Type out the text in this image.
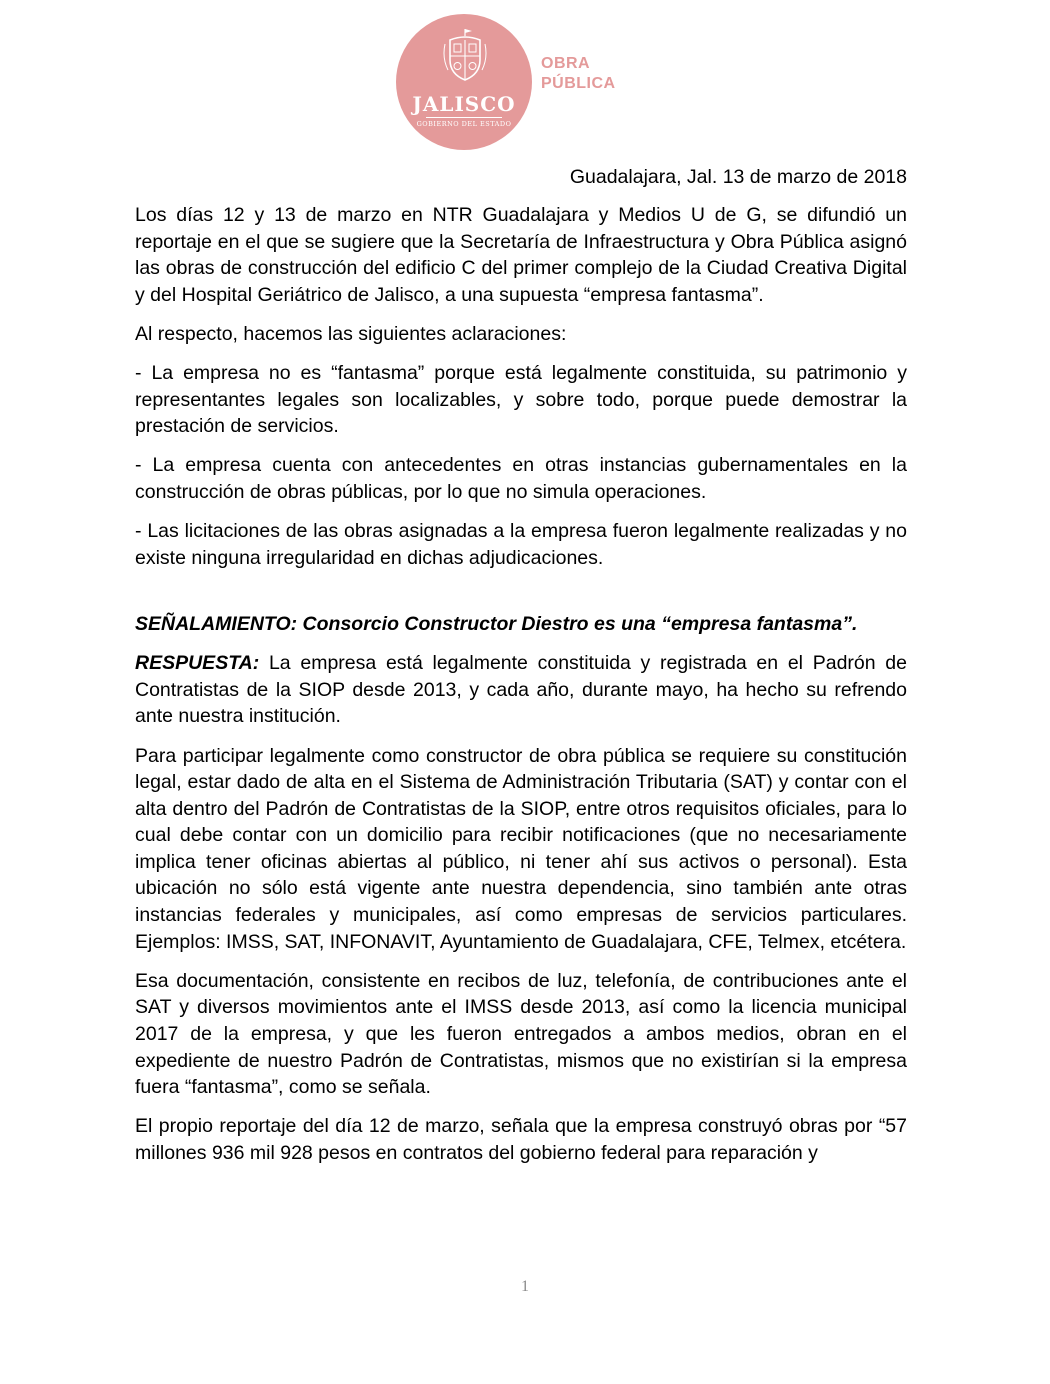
JALISCO
GOBIERNO DEL ESTADO
OBRA
PÚBLICA
Guadalajara, Jal. 13 de marzo de 2018

Los días 12 y 13 de marzo en NTR Guadalajara y Medios U de G, se difundió un reportaje en el que se sugiere que la Secretaría de Infraestructura y Obra Pública asignó las obras de construcción del edificio C del primer complejo de la Ciudad Creativa Digital y del Hospital Geriátrico de Jalisco, a una supuesta “empresa fantasma”.

Al respecto, hacemos las siguientes aclaraciones:

- La empresa no es “fantasma” porque está legalmente constituida, su patrimonio y representantes legales son localizables, y sobre todo, porque puede demostrar la prestación de servicios.

- La empresa cuenta con antecedentes en otras instancias gubernamentales en la construcción de obras públicas, por lo que no simula operaciones.

- Las licitaciones de las obras asignadas a la empresa fueron legalmente realizadas y no existe ninguna irregularidad en dichas adjudicaciones.

SEÑALAMIENTO: Consorcio Constructor Diestro es una “empresa fantasma”.

RESPUESTA: La empresa está legalmente constituida y registrada en el Padrón de Contratistas de la SIOP desde 2013, y cada año, durante mayo, ha hecho su refrendo ante nuestra institución.

Para participar legalmente como constructor de obra pública se requiere su constitución legal, estar dado de alta en el Sistema de Administración Tributaria (SAT) y contar con el alta dentro del Padrón de Contratistas de la SIOP, entre otros requisitos oficiales, para lo cual debe contar con un domicilio para recibir notificaciones (que no necesariamente implica tener oficinas abiertas al público, ni tener ahí sus activos o personal). Esta ubicación no sólo está vigente ante nuestra dependencia, sino también ante otras instancias federales y municipales, así como empresas de servicios particulares. Ejemplos: IMSS, SAT, INFONAVIT, Ayuntamiento de Guadalajara, CFE, Telmex, etcétera.

Esa documentación, consistente en recibos de luz, telefonía, de contribuciones ante el SAT y diversos movimientos ante el IMSS desde 2013, así como la licencia municipal 2017 de la empresa, y que les fueron entregados a ambos medios, obran en el expediente de nuestro Padrón de Contratistas, mismos que no existirían si la empresa fuera “fantasma”, como se señala.

El propio reportaje del día 12 de marzo, señala que la empresa construyó obras por “57 millones 936 mil 928 pesos en contratos del gobierno federal para reparación y

1
